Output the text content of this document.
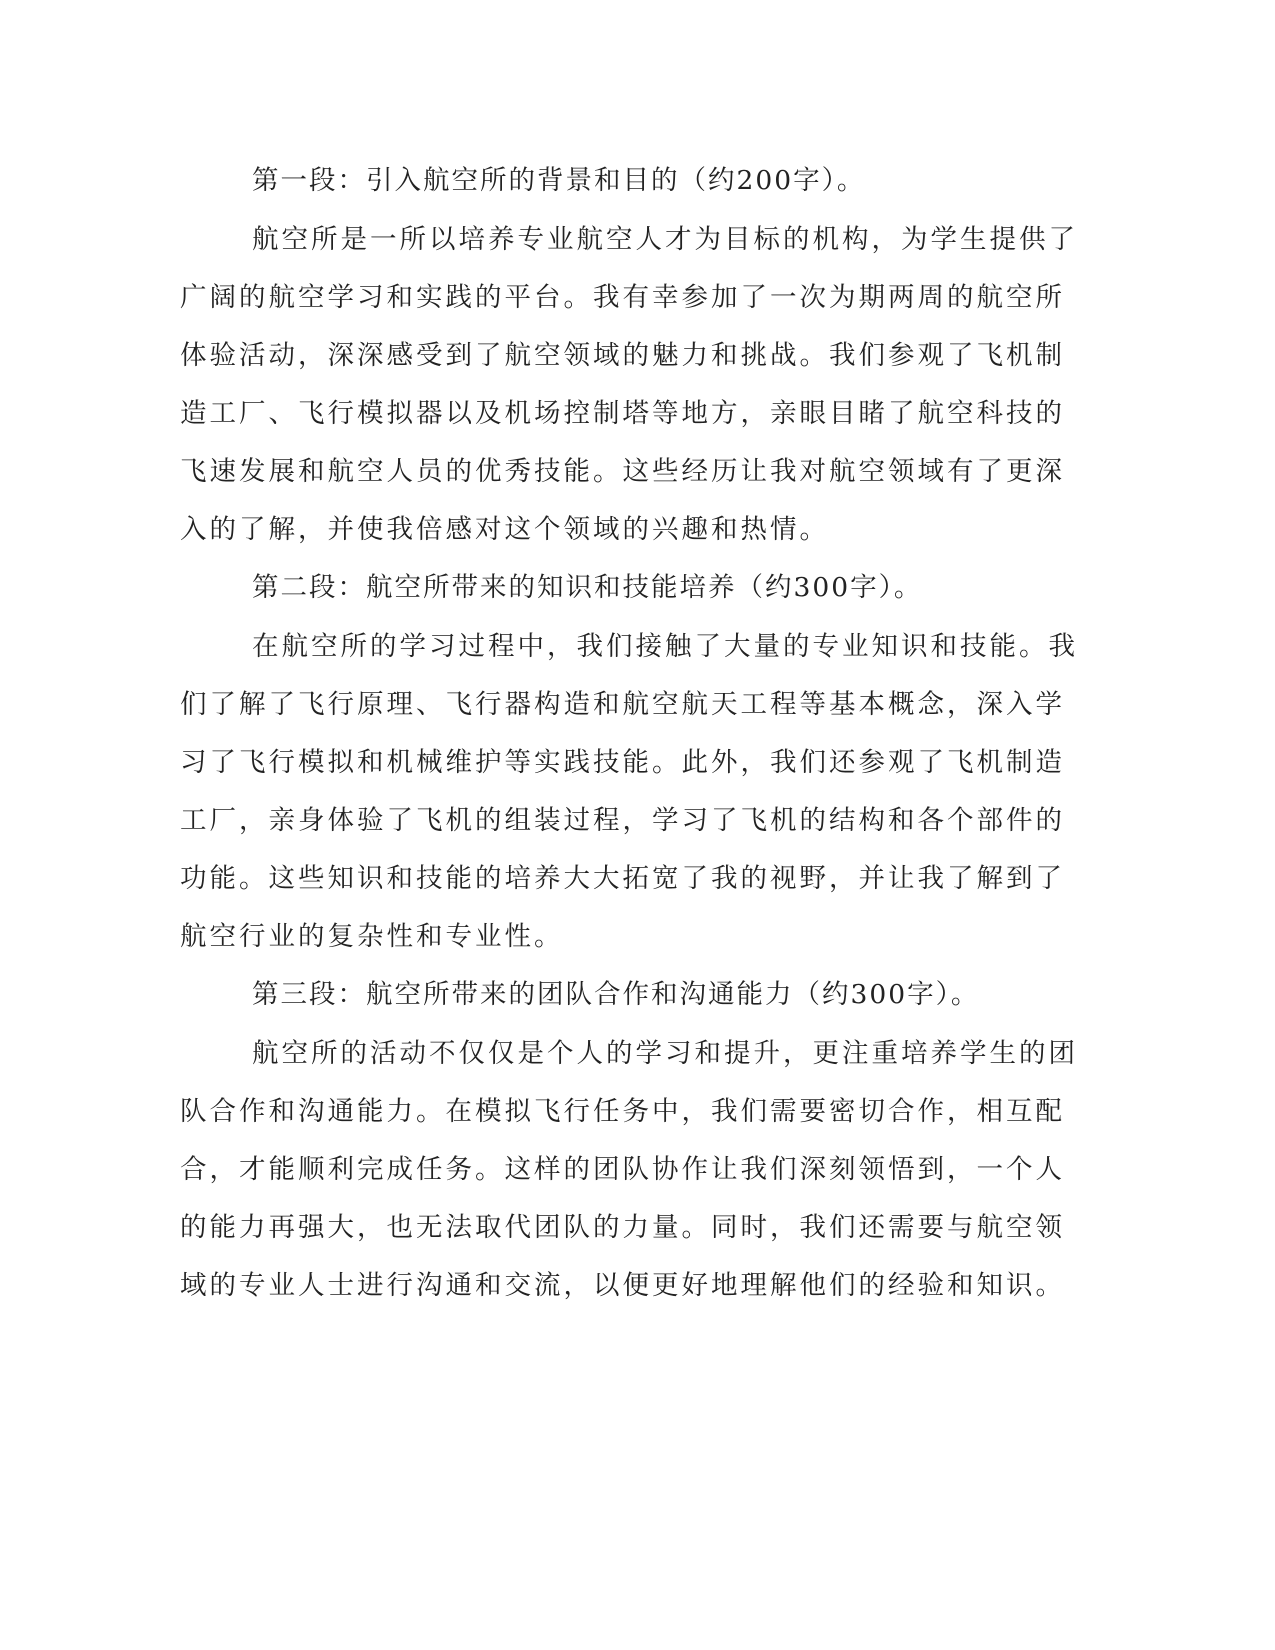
第一段：引入航空所的背景和目的（约200字）。

航空所是一所以培养专业航空人才为目标的机构，为学生提供了

广阔的航空学习和实践的平台。我有幸参加了一次为期两周的航空所

体验活动，深深感受到了航空领域的魅力和挑战。我们参观了飞机制

造工厂、飞行模拟器以及机场控制塔等地方，亲眼目睹了航空科技的

飞速发展和航空人员的优秀技能。这些经历让我对航空领域有了更深

入的了解，并使我倍感对这个领域的兴趣和热情。

第二段：航空所带来的知识和技能培养（约300字）。

在航空所的学习过程中，我们接触了大量的专业知识和技能。我

们了解了飞行原理、飞行器构造和航空航天工程等基本概念，深入学

习了飞行模拟和机械维护等实践技能。此外，我们还参观了飞机制造

工厂，亲身体验了飞机的组装过程，学习了飞机的结构和各个部件的

功能。这些知识和技能的培养大大拓宽了我的视野，并让我了解到了

航空行业的复杂性和专业性。

第三段：航空所带来的团队合作和沟通能力（约300字）。

航空所的活动不仅仅是个人的学习和提升，更注重培养学生的团

队合作和沟通能力。在模拟飞行任务中，我们需要密切合作，相互配

合，才能顺利完成任务。这样的团队协作让我们深刻领悟到，一个人

的能力再强大，也无法取代团队的力量。同时，我们还需要与航空领

域的专业人士进行沟通和交流，以便更好地理解他们的经验和知识。
